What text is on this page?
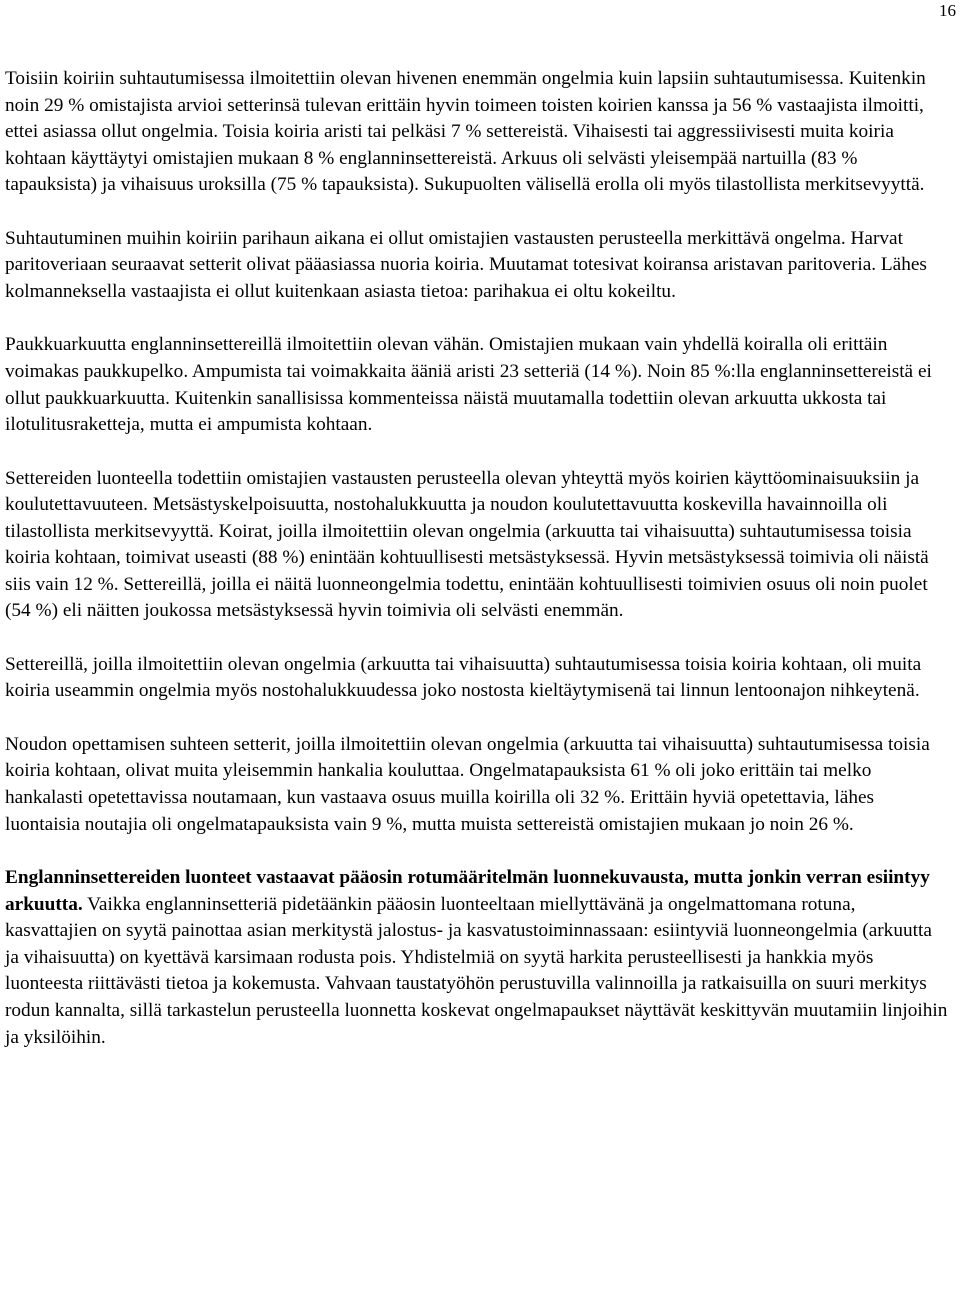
16

Toisiin koiriin suhtautumisessa ilmoitettiin olevan hivenen enemmän ongelmia kuin lapsiin suhtautumisessa. Kuitenkin noin 29 % omistajista arvioi setterinsä tulevan erittäin hyvin toimeen toisten koirien kanssa ja 56 % vastaajista ilmoitti, ettei asiassa ollut ongelmia. Toisia koiria aristi tai pelkäsi 7 % settereistä. Vihaisesti tai aggressiivisesti muita koiria kohtaan käyttäytyi omistajien mukaan 8 % englanninsettereistä. Arkuus oli selvästi yleisempää nartuilla (83 % tapauksista) ja vihaisuus uroksilla (75 % tapauksista). Sukupuolten välisellä erolla oli myös tilastollista merkitsevyyttä.

Suhtautuminen muihin koiriin parihaun aikana ei ollut omistajien vastausten perusteella merkittävä ongelma. Harvat paritoveriaan seuraavat setterit olivat pääasiassa nuoria koiria. Muutamat totesivat koiransa aristavan paritoveria. Lähes kolmanneksella vastaajista ei ollut kuitenkaan asiasta tietoa: parihakua ei oltu kokeiltu.

Paukkuarkuutta englanninsettereillä ilmoitettiin olevan vähän. Omistajien mukaan vain yhdellä koiralla oli erittäin voimakas paukkupelko. Ampumista tai voimakkaita ääniä aristi 23 setteriä (14 %). Noin 85 %:lla englanninsettereistä ei ollut paukkuarkuutta. Kuitenkin sanallisissa kommenteissa näistä muutamalla todettiin olevan arkuutta ukkosta tai ilotulitusraketteja, mutta ei ampumista kohtaan.

Settereiden luonteella todettiin omistajien vastausten perusteella olevan yhteyttä myös koirien käyttöominaisuuksiin ja koulutettavuuteen. Metsästyskelpoisuutta, nostohalukkuutta ja noudon koulutettavuutta koskevilla havainnoilla oli tilastollista merkitsevyyttä. Koirat, joilla ilmoitettiin olevan ongelmia (arkuutta tai vihaisuutta) suhtautumisessa toisia koiria kohtaan, toimivat useasti (88 %) enintään kohtuullisesti metsästyksessä. Hyvin metsästyksessä toimivia oli näistä siis vain 12 %. Settereillä, joilla ei näitä luonneongelmia todettu, enintään kohtuullisesti toimivien osuus oli noin puolet (54 %) eli näitten joukossa metsästyksessä hyvin toimivia oli selvästi enemmän.

Settereillä, joilla ilmoitettiin olevan ongelmia (arkuutta tai vihaisuutta) suhtautumisessa toisia koiria kohtaan, oli muita koiria useammin ongelmia myös nostohalukkuudessa joko nostosta kieltäytymisenä tai linnun lentoonajon nihkeytenä.

Noudon opettamisen suhteen setterit, joilla ilmoitettiin olevan ongelmia (arkuutta tai vihaisuutta) suhtautumisessa toisia koiria kohtaan, olivat muita yleisemmin hankalia kouluttaa. Ongelmatapauksista 61 % oli joko erittäin tai melko hankalasti opetettavissa noutamaan, kun vastaava osuus muilla koirilla oli 32 %. Erittäin hyviä opetettavia, lähes luontaisia noutajia oli ongelmatapauksista vain 9 %, mutta muista settereistä omistajien mukaan jo noin 26 %.

Englanninsettereiden luonteet vastaavat pääosin rotumääritelmän luonnekuvausta, mutta jonkin verran esiintyy arkuutta. Vaikka englanninsetteriä pidetäänkin pääosin luonteeltaan miellyttävänä ja ongelmattomana rotuna, kasvattajien on syytä painottaa asian merkitystä jalostus- ja kasvatustoiminnassaan: esiintyviä luonneongelmia (arkuutta ja vihaisuutta) on kyettävä karsimaan rodusta pois. Yhdistelmiä on syytä harkita perusteellisesti ja hankkia myös luonteesta riittävästi tietoa ja kokemusta. Vahvaan taustatyöhön perustuvilla valinnoilla ja ratkaisuilla on suuri merkitys rodun kannalta, sillä tarkastelun perusteella luonnetta koskevat ongelmapaukset näyttävät keskittyvän muutamiin linjoihin ja yksilöihin.
